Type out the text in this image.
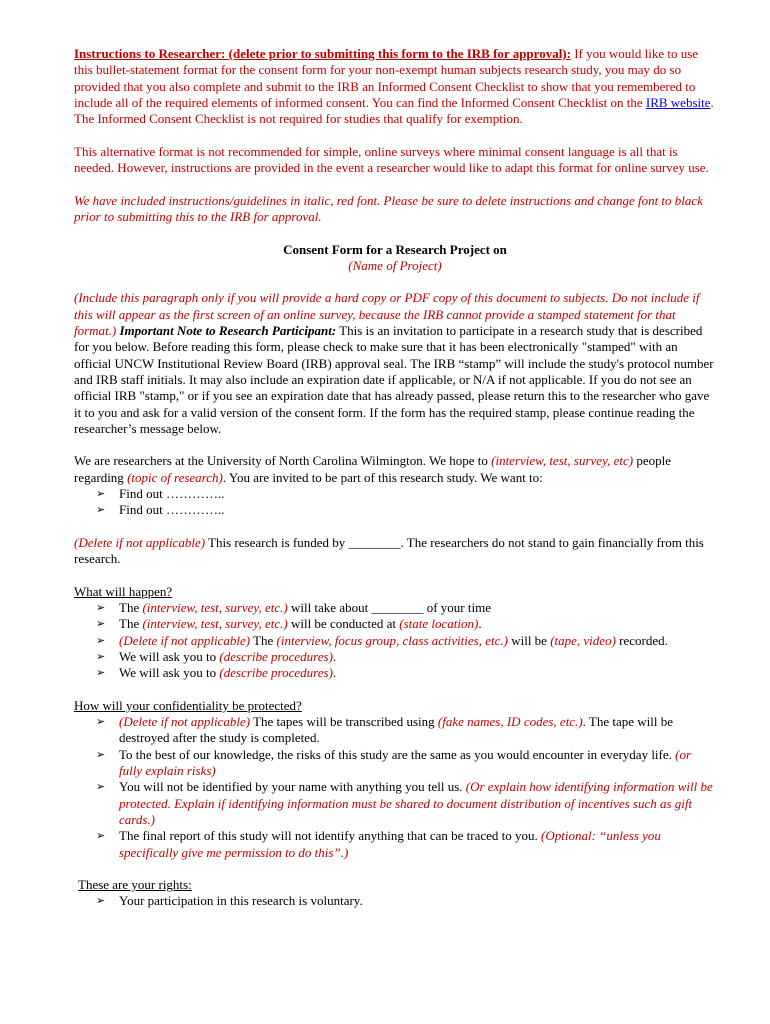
Instructions to Researcher: (delete prior to submitting this form to the IRB for approval): If you would like to use this bullet-statement format for the consent form for your non-exempt human subjects research study, you may do so provided that you also complete and submit to the IRB an Informed Consent Checklist to show that you remembered to include all of the required elements of informed consent. You can find the Informed Consent Checklist on the IRB website. The Informed Consent Checklist is not required for studies that qualify for exemption.

This alternative format is not recommended for simple, online surveys where minimal consent language is all that is needed. However, instructions are provided in the event a researcher would like to adapt this format for online survey use.

We have included instructions/guidelines in italic, red font. Please be sure to delete instructions and change font to black prior to submitting this to the IRB for approval.

Consent Form for a Research Project on

(Name of Project)

(Include this paragraph only if you will provide a hard copy or PDF copy of this document to subjects. Do not include if this will appear as the first screen of an online survey, because the IRB cannot provide a stamped statement for that format.) Important Note to Research Participant: This is an invitation to participate in a research study that is described for you below. Before reading this form, please check to make sure that it has been electronically "stamped" with an official UNCW Institutional Review Board (IRB) approval seal. The IRB “stamp” will include the study's protocol number and IRB staff initials. It may also include an expiration date if applicable, or N/A if not applicable. If you do not see an official IRB "stamp," or if you see an expiration date that has already passed, please return this to the researcher who gave it to you and ask for a valid version of the consent form. If the form has the required stamp, please continue reading the researcher’s message below.

We are researchers at the University of North Carolina Wilmington. We hope to (interview, test, survey, etc) people regarding (topic of research). You are invited to be part of this research study. We want to:

➢ Find out …………..
➢ Find out …………..

(Delete if not applicable) This research is funded by ________. The researchers do not stand to gain financially from this research.

What will happen?

➢ The (interview, test, survey, etc.) will take about ________ of your time
➢ The (interview, test, survey, etc.) will be conducted at (state location).
➢ (Delete if not applicable) The (interview, focus group, class activities, etc.) will be (tape, video) recorded.
➢ We will ask you to (describe procedures).
➢ We will ask you to (describe procedures).

How will your confidentiality be protected?

➢ (Delete if not applicable) The tapes will be transcribed using (fake names, ID codes, etc.). The tape will be destroyed after the study is completed.
➢ To the best of our knowledge, the risks of this study are the same as you would encounter in everyday life. (or fully explain risks)
➢ You will not be identified by your name with anything you tell us. (Or explain how identifying information will be protected. Explain if identifying information must be shared to document distribution of incentives such as gift cards.)
➢ The final report of this study will not identify anything that can be traced to you. (Optional: “unless you specifically give me permission to do this”.)

These are your rights:

➢ Your participation in this research is voluntary.
